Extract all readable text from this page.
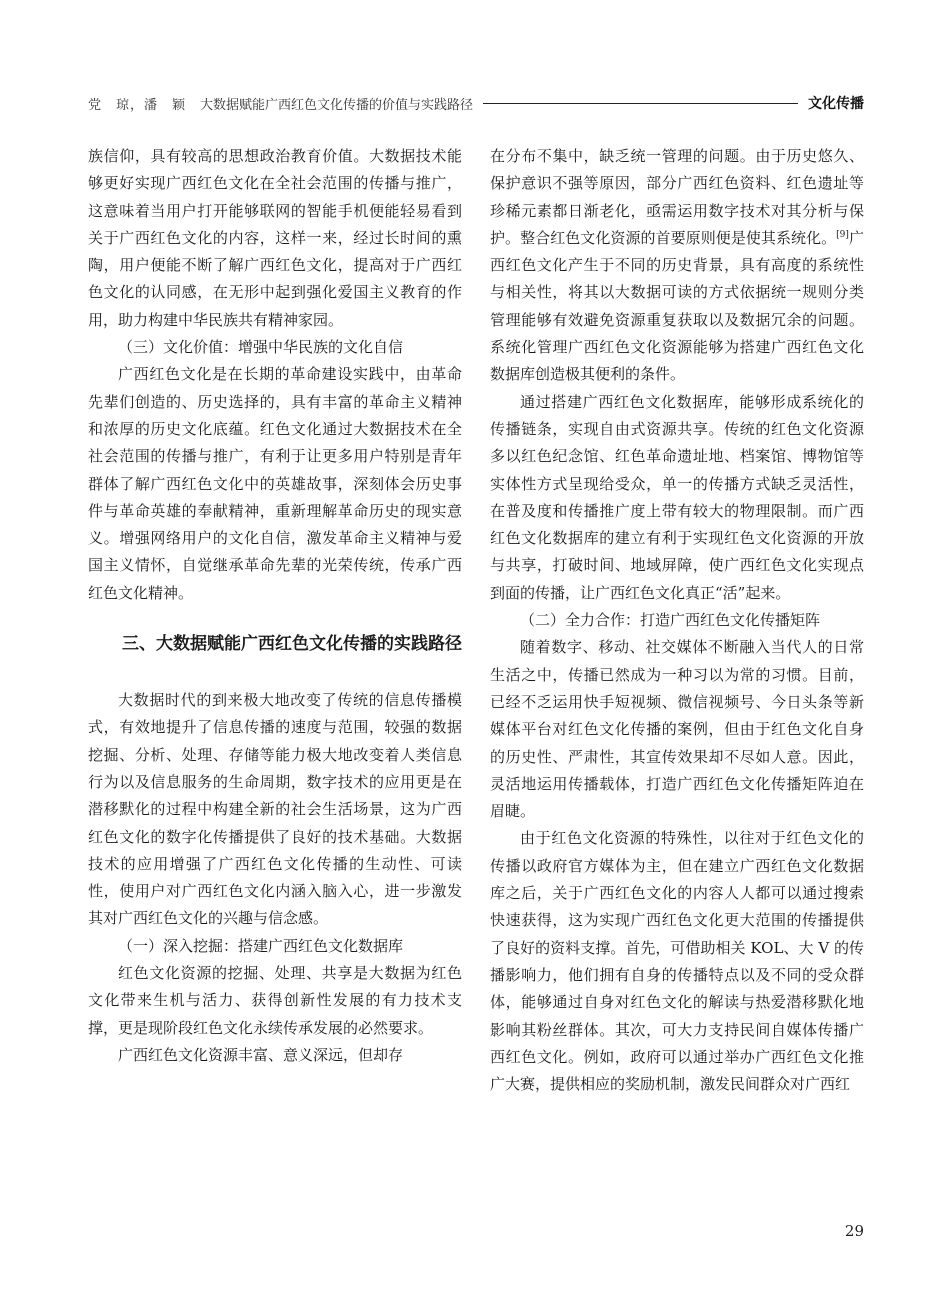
党　琼，潘　颖 大数据赋能广西红色文化传播的价值与实践路径	文化传播

族信仰，具有较高的思想政治教育价值。大数据技术能够更好实现广西红色文化在全社会范围的传播与推广，这意味着当用户打开能够联网的智能手机便能轻易看到关于广西红色文化的内容，这样一来，经过长时间的熏陶，用户便能不断了解广西红色文化，提高对于广西红色文化的认同感，在无形中起到强化爱国主义教育的作用，助力构建中华民族共有精神家园。

（三）文化价值：增强中华民族的文化自信

广西红色文化是在长期的革命建设实践中，由革命先辈们创造的、历史选择的，具有丰富的革命主义精神和浓厚的历史文化底蕴。红色文化通过大数据技术在全社会范围的传播与推广，有利于让更多用户特别是青年群体了解广西红色文化中的英雄故事，深刻体会历史事件与革命英雄的奉献精神，重新理解革命历史的现实意义。增强网络用户的文化自信，激发革命主义精神与爱国主义情怀，自觉继承革命先辈的光荣传统，传承广西红色文化精神。

三、大数据赋能广西红色文化传播的实践路径

大数据时代的到来极大地改变了传统的信息传播模式，有效地提升了信息传播的速度与范围，较强的数据挖掘、分析、处理、存储等能力极大地改变着人类信息行为以及信息服务的生命周期，数字技术的应用更是在潜移默化的过程中构建全新的社会生活场景，这为广西红色文化的数字化传播提供了良好的技术基础。大数据技术的应用增强了广西红色文化传播的生动性、可读性，使用户对广西红色文化内涵入脑入心，进一步激发其对广西红色文化的兴趣与信念感。

（一）深入挖掘：搭建广西红色文化数据库

红色文化资源的挖掘、处理、共享是大数据为红色文化带来生机与活力、获得创新性发展的有力技术支撑，更是现阶段红色文化永续传承发展的必然要求。

广西红色文化资源丰富、意义深远，但却存

在分布不集中，缺乏统一管理的问题。由于历史悠久、保护意识不强等原因，部分广西红色资料、红色遗址等珍稀元素都日渐老化，亟需运用数字技术对其分析与保护。整合红色文化资源的首要原则便是使其系统化。[9]广西红色文化产生于不同的历史背景，具有高度的系统性与相关性，将其以大数据可读的方式依据统一规则分类管理能够有效避免资源重复获取以及数据冗余的问题。系统化管理广西红色文化资源能够为搭建广西红色文化数据库创造极其便利的条件。

通过搭建广西红色文化数据库，能够形成系统化的传播链条，实现自由式资源共享。传统的红色文化资源多以红色纪念馆、红色革命遗址地、档案馆、博物馆等实体性方式呈现给受众，单一的传播方式缺乏灵活性，在普及度和传播推广度上带有较大的物理限制。而广西红色文化数据库的建立有利于实现红色文化资源的开放与共享，打破时间、地域屏障，使广西红色文化实现点到面的传播，让广西红色文化真正“活”起来。

（二）全力合作：打造广西红色文化传播矩阵

随着数字、移动、社交媒体不断融入当代人的日常生活之中，传播已然成为一种习以为常的习惯。目前，已经不乏运用快手短视频、微信视频号、今日头条等新媒体平台对红色文化传播的案例，但由于红色文化自身的历史性、严肃性，其宣传效果却不尽如人意。因此，灵活地运用传播载体，打造广西红色文化传播矩阵迫在眉睫。

由于红色文化资源的特殊性，以往对于红色文化的传播以政府官方媒体为主，但在建立广西红色文化数据库之后，关于广西红色文化的内容人人都可以通过搜索快速获得，这为实现广西红色文化更大范围的传播提供了良好的资料支撑。首先，可借助相关 KOL、大 V 的传播影响力，他们拥有自身的传播特点以及不同的受众群体，能够通过自身对红色文化的解读与热爱潜移默化地影响其粉丝群体。其次，可大力支持民间自媒体传播广西红色文化。例如，政府可以通过举办广西红色文化推广大赛，提供相应的奖励机制，激发民间群众对广西红

29
